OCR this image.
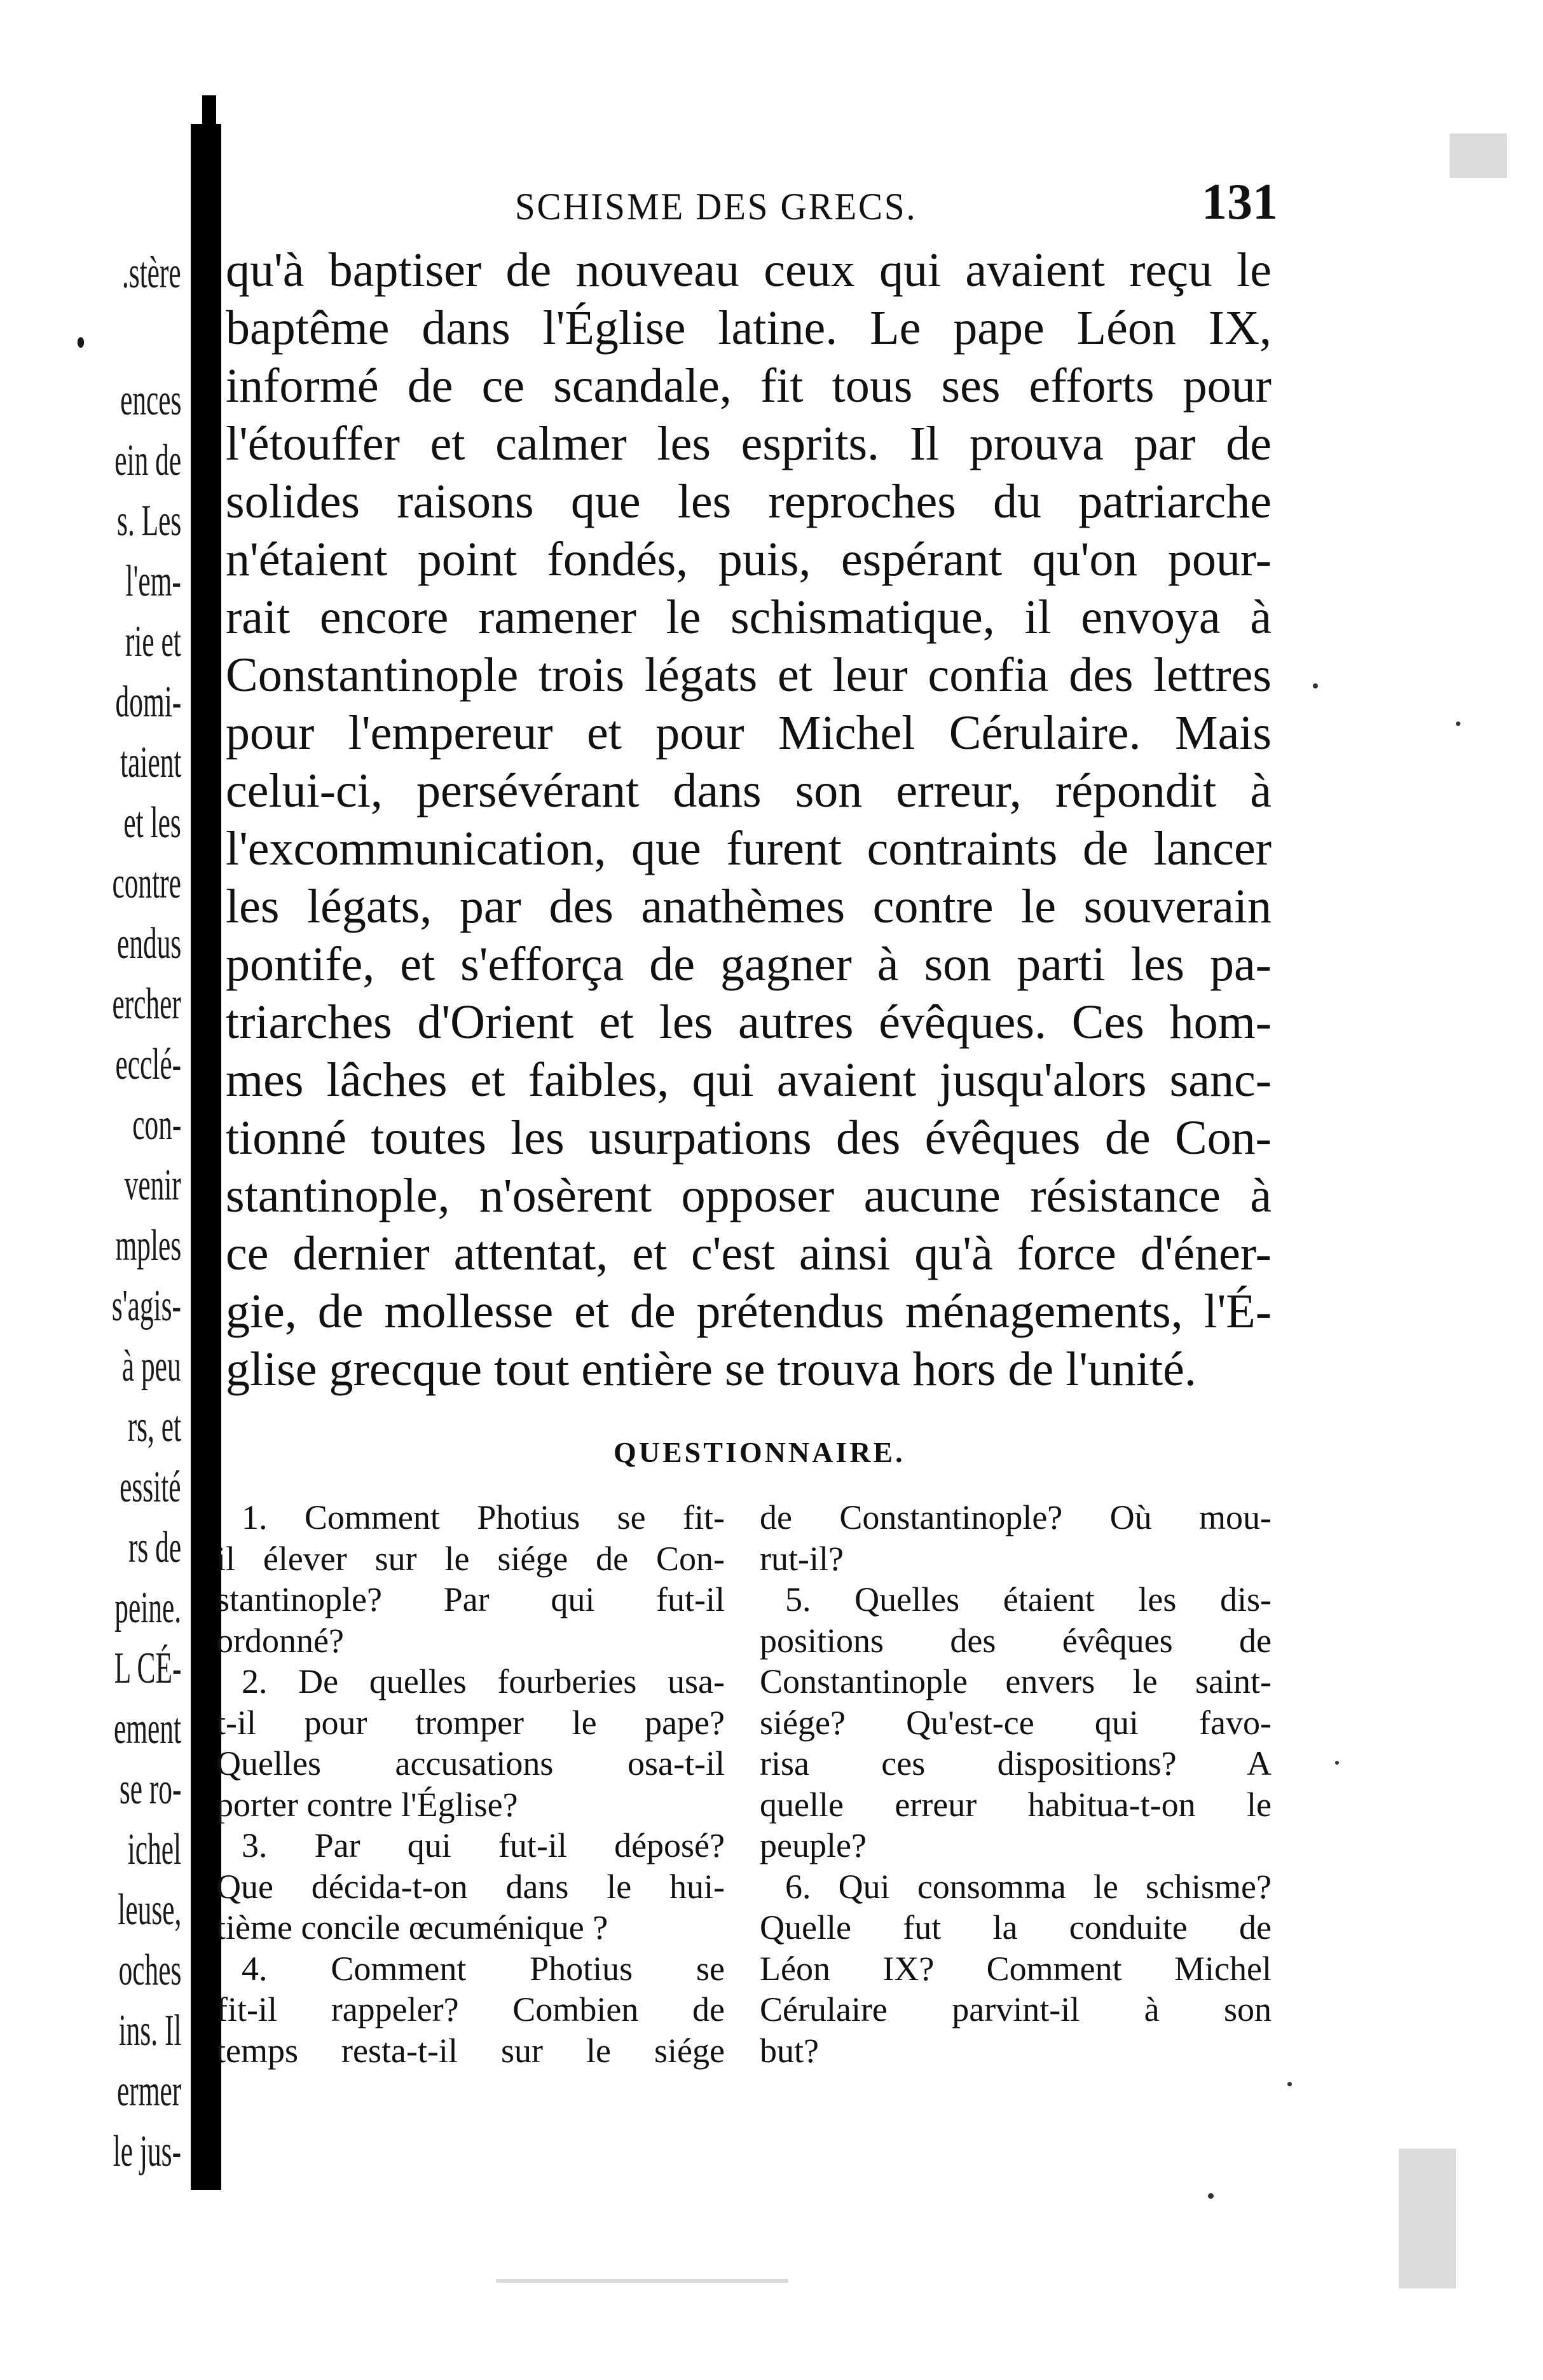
.stère
•
ences
ein de
s. Les
l'em-
rie et
domi-
taient
et les
contre
endus
ercher
ecclé-
con-
venir
mples
s'agis-
à peu
rs, et
essité
rs de
peine.
L CÉ-
ement
se ro-
ichel
leuse,
oches
ins. Il
ermer
le jus-
SCHISME DES GRECS.	131
qu'à baptiser de nouveau ceux qui avaient reçu le
baptême dans l'Église latine. Le pape Léon IX,
informé de ce scandale, fit tous ses efforts pour
l'étouffer et calmer les esprits. Il prouva par de
solides raisons que les reproches du patriarche
n'étaient point fondés, puis, espérant qu'on pour-
rait encore ramener le schismatique, il envoya à
Constantinople trois légats et leur confia des lettres
pour l'empereur et pour Michel Cérulaire. Mais
celui-ci, persévérant dans son erreur, répondit à
l'excommunication, que furent contraints de lancer
les légats, par des anathèmes contre le souverain
pontife, et s'efforça de gagner à son parti les pa-
triarches d'Orient et les autres évêques. Ces hom-
mes lâches et faibles, qui avaient jusqu'alors sanc-
tionné toutes les usurpations des évêques de Con-
stantinople, n'osèrent opposer aucune résistance à
ce dernier attentat, et c'est ainsi qu'à force d'éner-
gie, de mollesse et de prétendus ménagements, l'É-
glise grecque tout entière se trouva hors de l'unité.
QUESTIONNAIRE.
1. Comment Photius se fit-
il élever sur le siége de Con-
stantinople? Par qui fut-il
ordonné?
2. De quelles fourberies usa-
t-il pour tromper le pape?
Quelles accusations osa-t-il
porter contre l'Église?
3. Par qui fut-il déposé?
Que décida-t-on dans le hui-
tième concile œcuménique ?
4. Comment Photius se
fit-il rappeler? Combien de
temps resta-t-il sur le siége
de Constantinople? Où mou-
rut-il?
5. Quelles étaient les dis-
positions des évêques de
Constantinople envers le saint-
siége? Qu'est-ce qui favo-
risa ces dispositions? A
quelle erreur habitua-t-on le
peuple?
6. Qui consomma le schisme?
Quelle fut la conduite de
Léon IX? Comment Michel
Cérulaire parvint-il à son
but?
